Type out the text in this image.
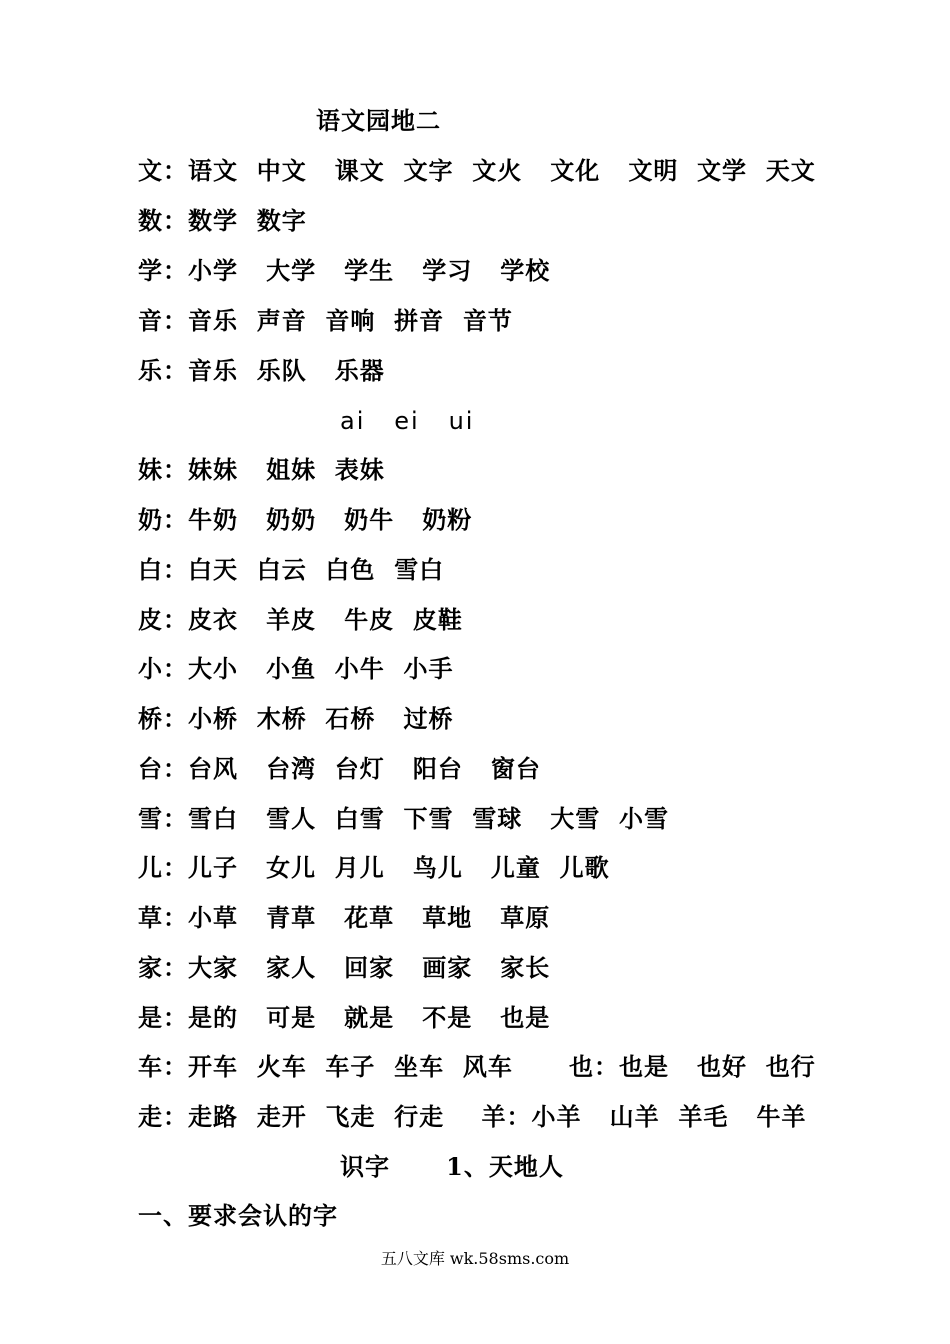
语文园地二
文：语文  中文   课文  文字  文火   文化   文明  文学  天文
数：数学  数字
学：小学   大学   学生   学习   学校
音：音乐  声音  音响  拼音  音节
乐：音乐  乐队   乐器
ai   ei   ui
妹：妹妹   姐妹  表妹
奶：牛奶   奶奶   奶牛   奶粉
白：白天  白云  白色  雪白
皮：皮衣   羊皮   牛皮  皮鞋
小：大小   小鱼  小牛  小手
桥：小桥  木桥  石桥   过桥
台：台风   台湾  台灯   阳台   窗台
雪：雪白   雪人  白雪  下雪  雪球   大雪  小雪
儿：儿子   女儿  月儿   鸟儿   儿童  儿歌
草：小草   青草   花草   草地   草原
家：大家   家人   回家   画家   家长
是：是的   可是   就是   不是   也是
车：开车  火车  车子  坐车  风车      也：也是   也好  也行
走：走路  走开  飞走  行走    羊：小羊   山羊  羊毛   牛羊
识字      1、天地人
一、要求会认的字
五八文库 wk.58sms.com
